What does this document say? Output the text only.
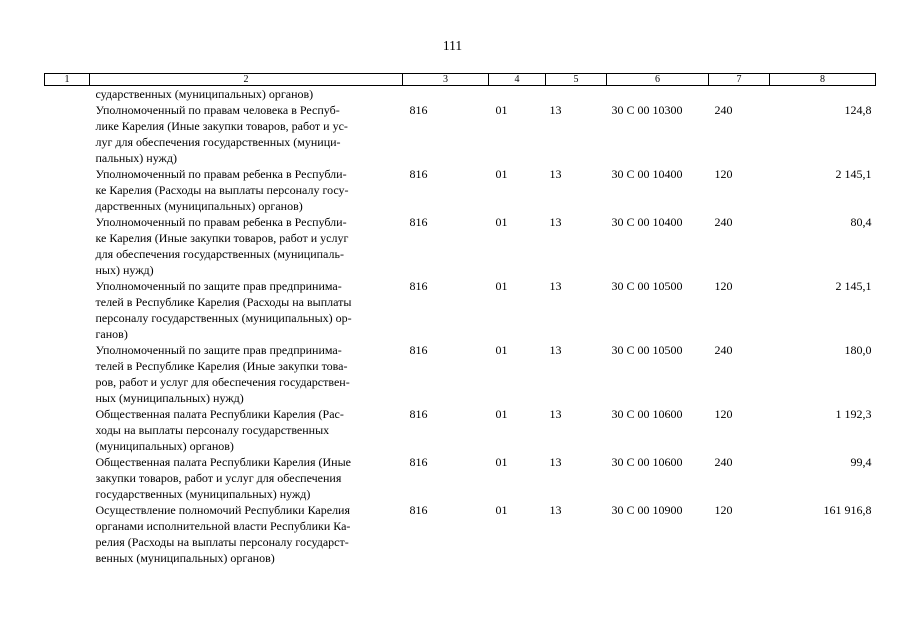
111
1	2	3	4	5	6	7	8
	сударственных (муниципальных) органов)						
	Уполномоченный по правам человека в Респуб-
лике Карелия (Иные закупки товаров, работ и ус-
луг для обеспечения государственных (муници-
пальных) нужд)	816	01	13	30 С 00 10300	240	124,8
	Уполномоченный по правам ребенка в Республи-
ке Карелия (Расходы на выплаты персоналу госу-
дарственных (муниципальных) органов)	816	01	13	30 С 00 10400	120	2 145,1
	Уполномоченный по правам ребенка в Республи-
ке Карелия (Иные закупки товаров, работ и услуг
для обеспечения государственных (муниципаль-
ных) нужд)	816	01	13	30 С 00 10400	240	80,4
	Уполномоченный по защите прав предпринима-
телей в Республике Карелия (Расходы на выплаты
персоналу государственных (муниципальных) ор-
ганов)	816	01	13	30 С 00 10500	120	2 145,1
	Уполномоченный по защите прав предпринима-
телей в Республике Карелия (Иные закупки това-
ров, работ и услуг для обеспечения государствен-
ных (муниципальных) нужд)	816	01	13	30 С 00 10500	240	180,0
	Общественная палата Республики Карелия (Рас-
ходы на выплаты персоналу государственных
(муниципальных) органов)	816	01	13	30 С 00 10600	120	1 192,3
	Общественная палата Республики Карелия (Иные
закупки товаров, работ и услуг для обеспечения
государственных (муниципальных) нужд)	816	01	13	30 С 00 10600	240	99,4
	Осуществление полномочий Республики Карелия
органами исполнительной власти Республики Ка-
релия (Расходы на выплаты персоналу государст-
венных (муниципальных) органов)	816	01	13	30 С 00 10900	120	161 916,8
